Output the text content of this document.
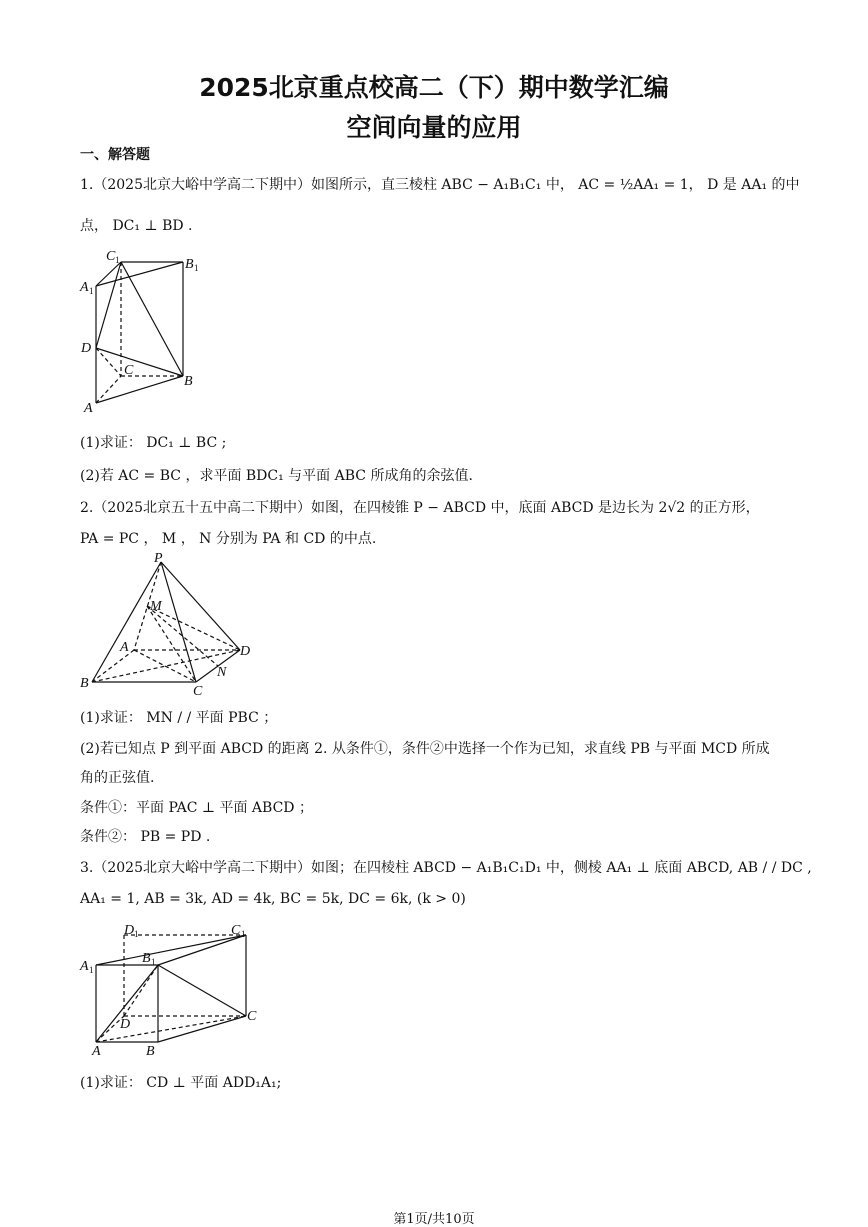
2025北京重点校高二（下）期中数学汇编
空间向量的应用
一、解答题
1.（2025北京大峪中学高二下期中）如图所示，直三棱柱 ABC − A₁B₁C₁ 中， AC = ½AA₁ = 1， D 是 AA₁ 的中
点， DC₁ ⊥ BD .
C 1	B 1
A 1
D
C
B
A
(1)求证： DC₁ ⊥ BC ;
(2)若 AC = BC ，求平面 BDC₁ 与平面 ABC 所成角的余弦值.
2.（2025北京五十五中高二下期中）如图，在四棱锥 P − ABCD 中，底面 ABCD 是边长为 2√2 的正方形，
PA = PC ， M ， N 分别为 PA 和 CD 的中点.
P
M
A	D
N
B
C
(1)求证： MN / / 平面 PBC ；
(2)若已知点 P 到平面 ABCD 的距离 2. 从条件①，条件②中选择一个作为已知，求直线 PB 与平面 MCD 所成
角的正弦值.
条件①：平面 PAC ⊥ 平面 ABCD ；
条件②： PB = PD .
3.（2025北京大峪中学高二下期中）如图；在四棱柱 ABCD − A₁B₁C₁D₁ 中，侧棱 AA₁ ⊥ 底面 ABCD, AB / / DC ,
AA₁ = 1, AB = 3k, AD = 4k, BC = 5k, DC = 6k, (k > 0)
D 1	C 1
A 1
B 1
D
C
A	B
(1)求证： CD ⊥ 平面 ADD₁A₁;
第1页/共10页
